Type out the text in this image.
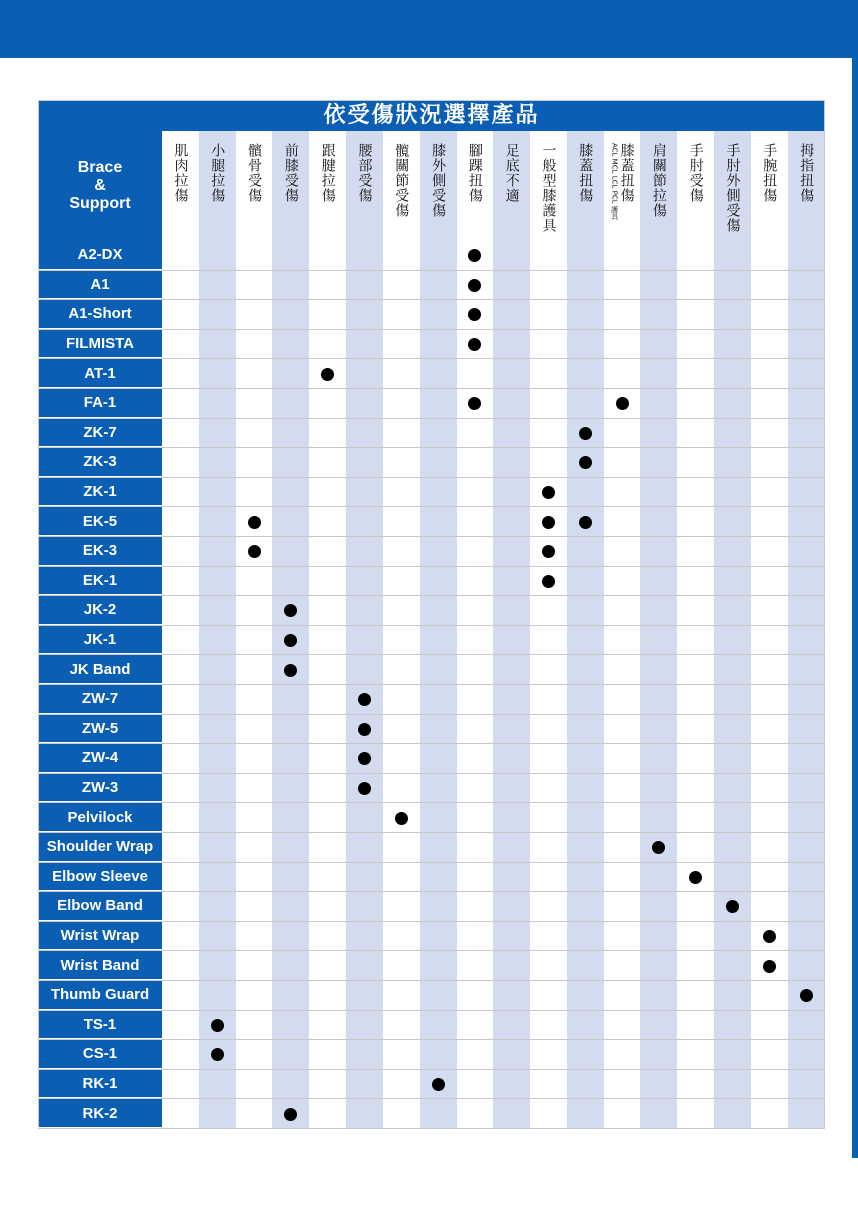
依受傷狀況選擇產品
Brace
&
Support
肌肉拉傷 小腿拉傷 髕骨受傷 前膝受傷 跟腱拉傷 腰部受傷 髖關節受傷 膝外側受傷 腳踝扭傷 足底不適 一般型膝護具 膝蓋扭傷 ACL MCL LCL PCL 護具 膝蓋扭傷 肩關節拉傷 手肘受傷 手肘外側受傷 手腕扭傷 拇指扭傷
A2-DX
A1
A1-Short
FILMISTA
AT-1
FA-1
ZK-7
ZK-3
ZK-1
EK-5
EK-3
EK-1
JK-2
JK-1
JK Band
ZW-7
ZW-5
ZW-4
ZW-3
Pelvilock
Shoulder Wrap
Elbow Sleeve
Elbow Band
Wrist Wrap
Wrist Band
Thumb Guard
TS-1
CS-1
RK-1
RK-2
